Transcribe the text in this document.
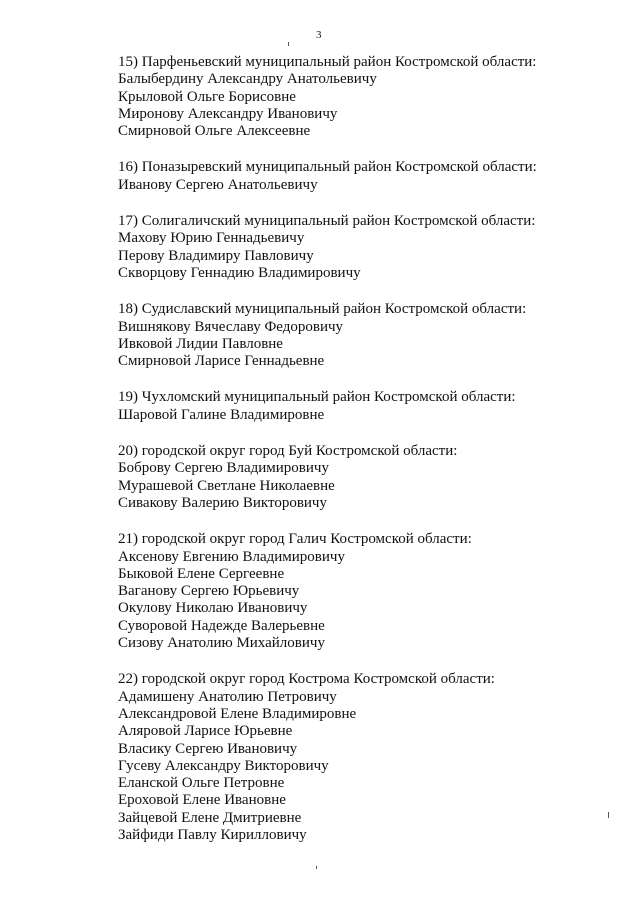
3
15) Парфеньевский муниципальный район Костромской области:
Балыбердину Александру Анатольевичу
Крыловой Ольге Борисовне
Миронову Александру Ивановичу
Смирновой Ольге Алексеевне
16) Поназыревский муниципальный район Костромской области:
Иванову Сергею Анатольевичу
17) Солигаличский муниципальный район Костромской области:
Махову Юрию Геннадьевичу
Перову Владимиру Павловичу
Скворцову Геннадию Владимировичу
18) Судиславский муниципальный район Костромской области:
Вишнякову Вячеславу Федоровичу
Ивковой Лидии Павловне
Смирновой Ларисе Геннадьевне
19) Чухломский муниципальный район Костромской области:
Шаровой Галине Владимировне
20) городской округ город Буй Костромской области:
Боброву Сергею Владимировичу
Мурашевой Светлане Николаевне
Сивакову Валерию Викторовичу
21) городской округ город Галич Костромской области:
Аксенову Евгению Владимировичу
Быковой Елене Сергеевне
Ваганову Сергею Юрьевичу
Окулову Николаю Ивановичу
Суворовой Надежде Валерьевне
Сизову Анатолию Михайловичу
22) городской округ город Кострома Костромской области:
Адамишену Анатолию Петровичу
Александровой Елене Владимировне
Аляровой Ларисе Юрьевне
Власику Сергею Ивановичу
Гусеву Александру Викторовичу
Еланской Ольге Петровне
Ероховой Елене Ивановне
Зайцевой Елене Дмитриевне
Зайфиди Павлу Кирилловичу
